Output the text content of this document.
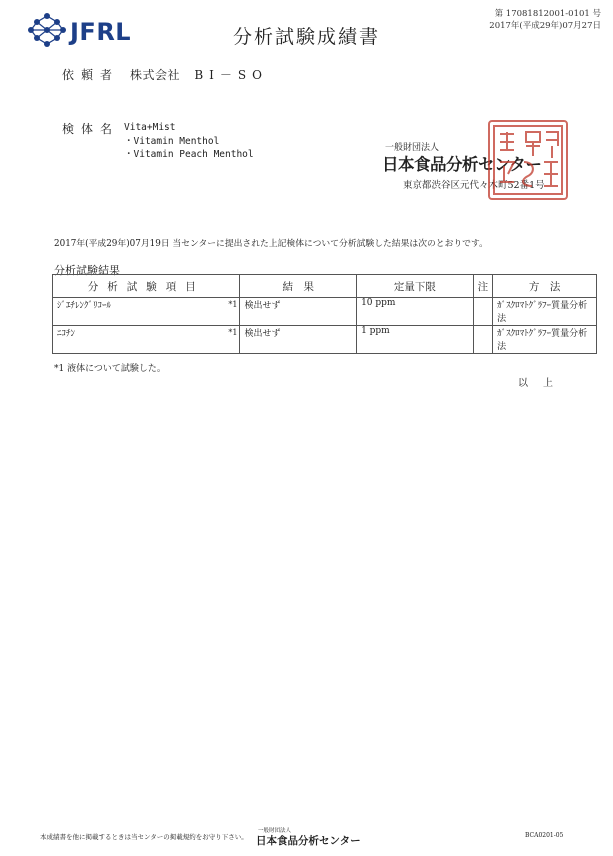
JFRL	分析試験成績書
第 17081812001-0101 号
2017年(平成29年)07月27日
依頼者 株式会社 BI－SO
検体名 Vita+Mist
・Vitamin Menthol
・Vitamin Peach Menthol
一般財団法人
日本食品分析センター
東京都渋谷区元代々木町52番1号
2017年(平成29年)07月19日 当センターに提出された上記検体について分析試験した結果は次のとおりです。
分析試験結果
分析試験項目	結　果	定量下限	注	方　法
ｼﾞｴﾁﾚﾝｸﾞﾘｺｰﾙ *1	検出せず	10 ppm		ｶﾞｽｸﾛﾏﾄｸﾞﾗﾌｰ質量分析法
ﾆｺﾁﾝ *1	検出せず	1 ppm		ｶﾞｽｸﾛﾏﾄｸﾞﾗﾌｰ質量分析法
*1 液体について試験した。
以上
本成績書を他に掲載するときは当センターの掲載規約をお守り下さい。
一般財団法人
日本食品分析センター	BCA0201-05
